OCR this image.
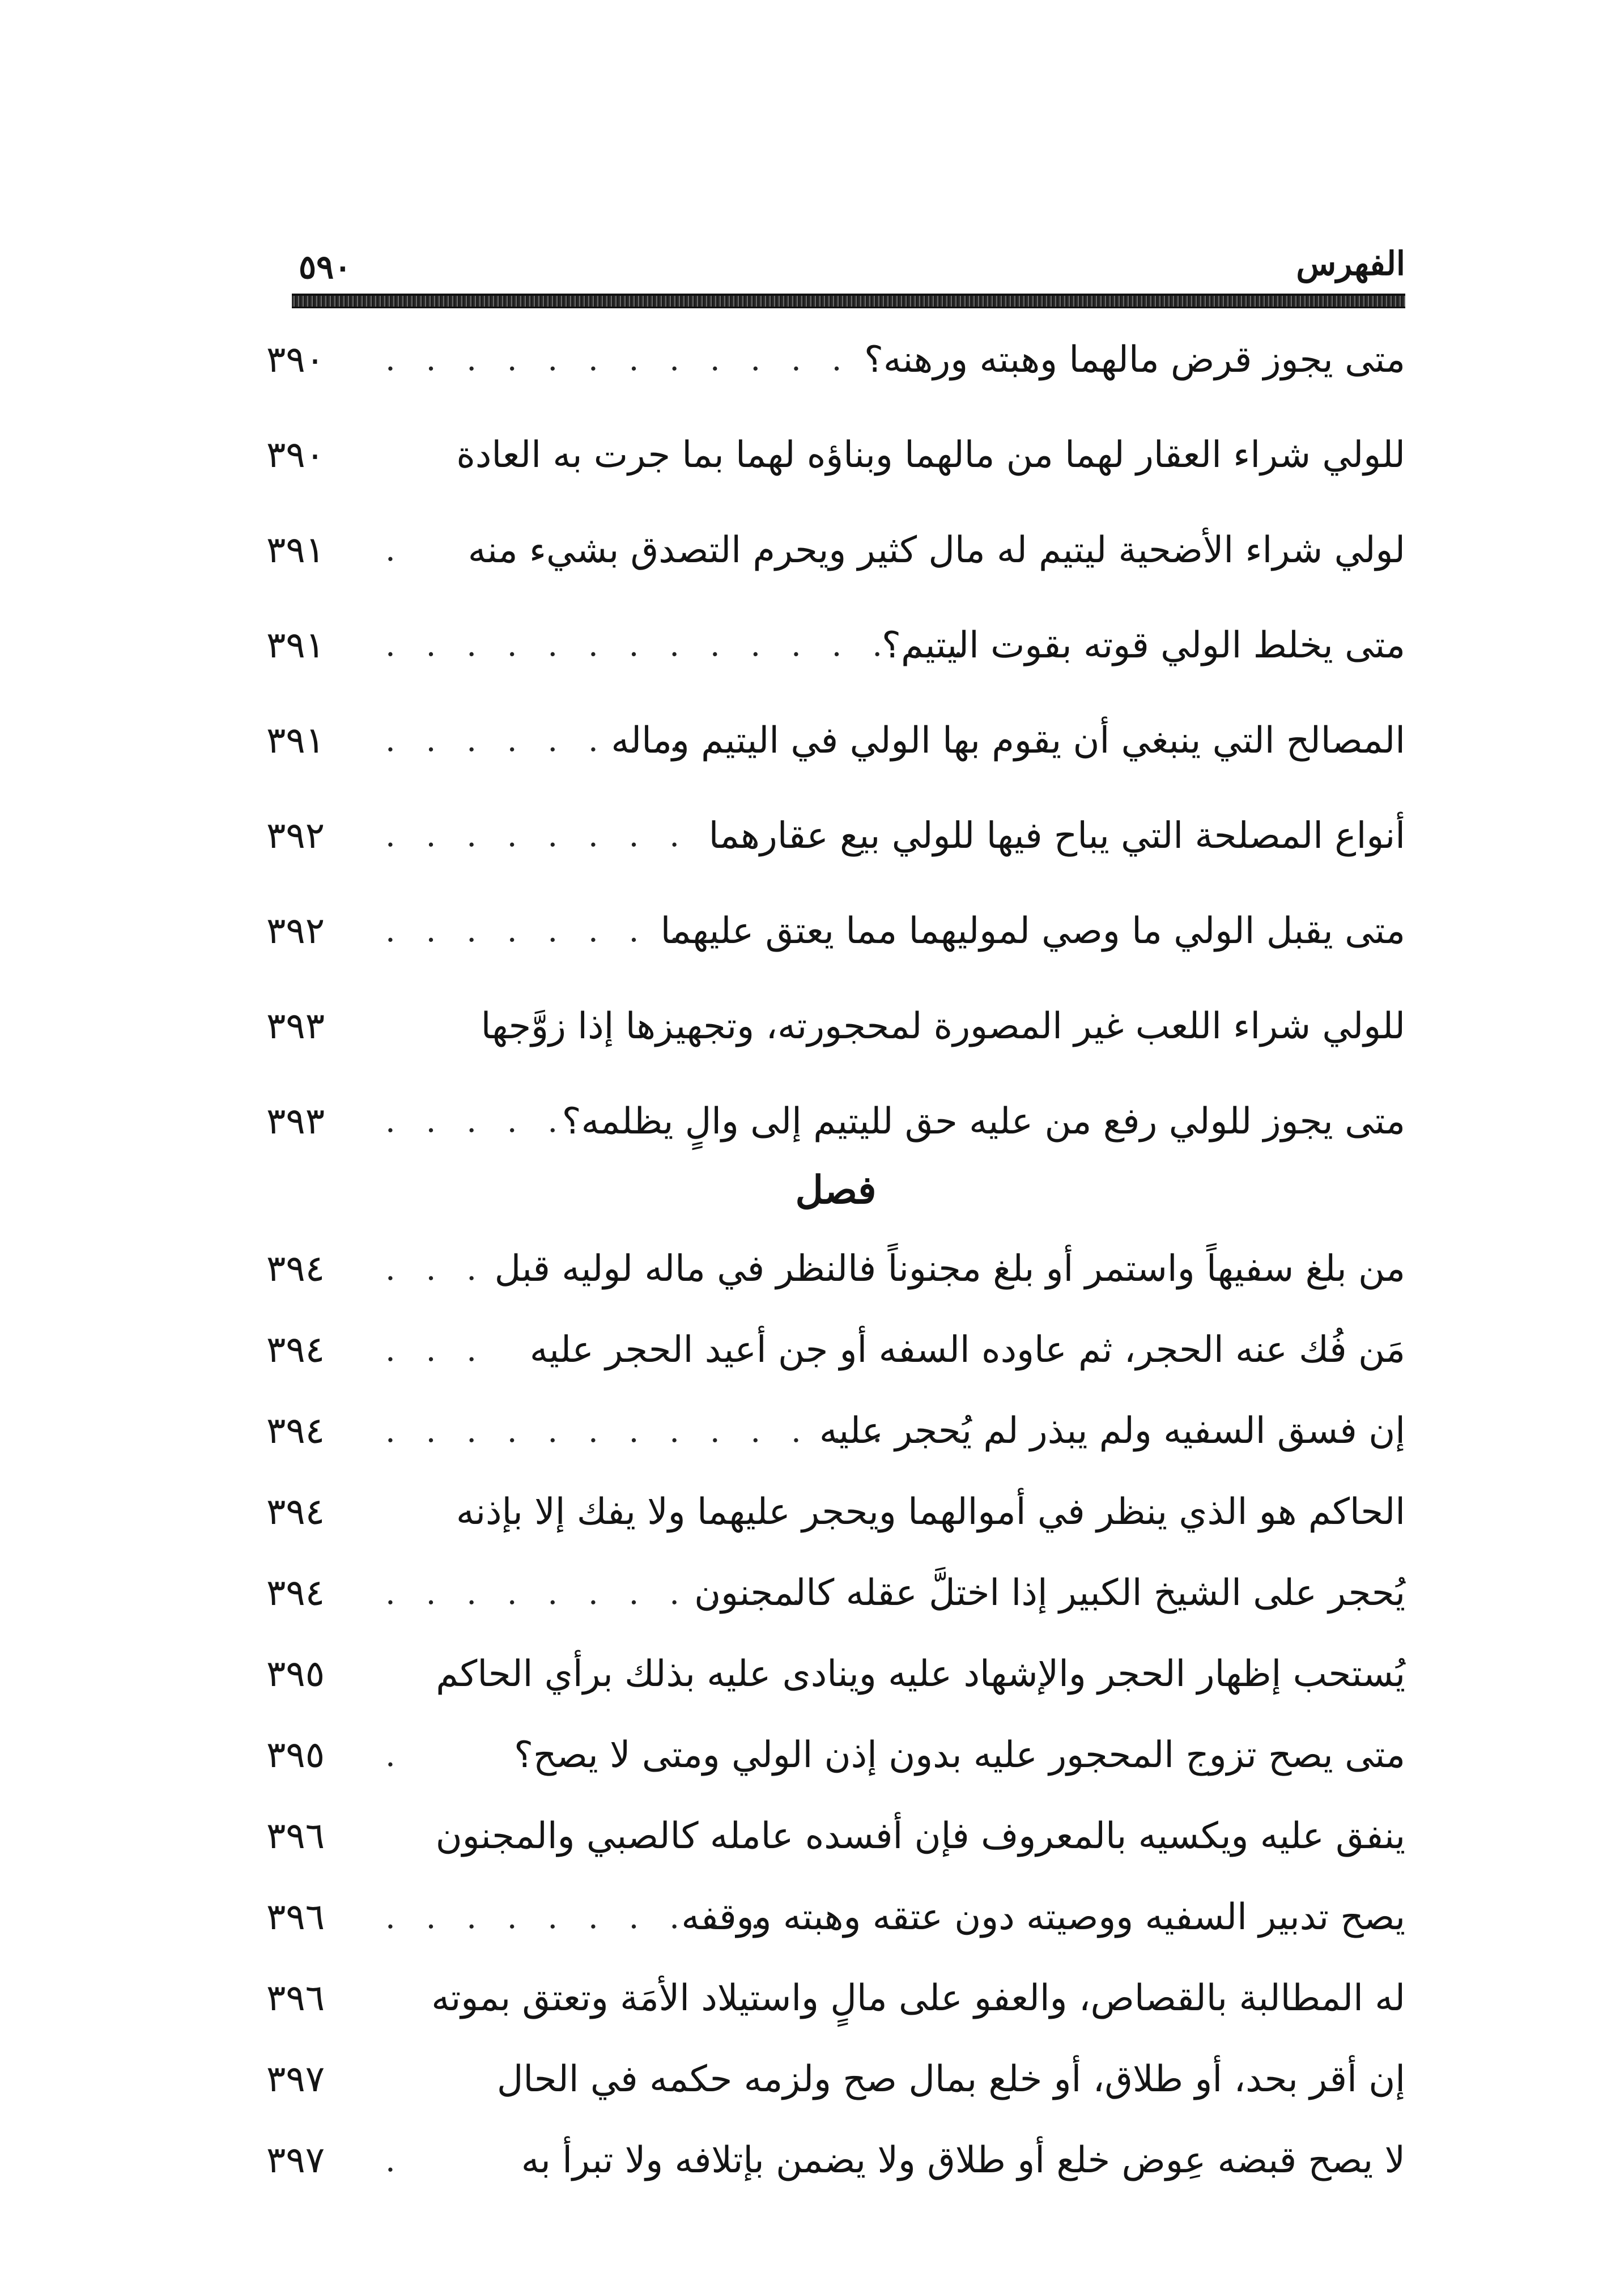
الفهرس
٥٩٠
متى يجوز قرض مالهما وهبته ورهنه؟
. . . . . . . . . . . .
٣٩٠
للولي شراء العقار لهما من مالهما وبناؤه لهما بما جرت به العادة
٣٩٠
لولي شراء الأضحية ليتيم له مال كثير ويحرم التصدق بشيء منه
.
٣٩١
متى يخلط الولي قوته بقوت اليتيم؟
. . . . . . . . . . . . . . .
٣٩١
المصالح التي ينبغي أن يقوم بها الولي في اليتيم وماله
. . . . . . . .
٣٩١
أنواع المصلحة التي يباح فيها للولي بيع عقارهما
. . . . . . . . . .
٣٩٢
متى يقبل الولي ما وصي لموليهما مما يعتق عليهما
. . . . . . . . .
٣٩٢
للولي شراء اللعب غير المصورة لمحجورته، وتجهيزها إذا زوَّجها
٣٩٣
متى يجوز للولي رفع من عليه حق لليتيم إلى والٍ يظلمه؟
. . . . .
٣٩٣
فصل
من بلغ سفيهاً واستمر أو بلغ مجنوناً فالنظر في ماله لوليه قبل
. . .
٣٩٤
مَن فُك عنه الحجر، ثم عاوده السفه أو جن أعيد الحجر عليه
. . .
٣٩٤
إن فسق السفيه ولم يبذر لم يُحجر عليه
. . . . . . . . . . . . . . .
٣٩٤
الحاكم هو الذي ينظر في أموالهما ويحجر عليهما ولا يفك إلا بإذنه
٣٩٤
يُحجر على الشيخ الكبير إذا اختلَّ عقله كالمجنون
. . . . . . . . . . .
٣٩٤
يُستحب إظهار الحجر والإشهاد عليه وينادى عليه بذلك برأي الحاكم
٣٩٥
متى يصح تزوج المحجور عليه بدون إذن الولي ومتى لا يصح؟
.
٣٩٥
ينفق عليه ويكسيه بالمعروف فإن أفسده عامله كالصبي والمجنون
٣٩٦
يصح تدبير السفيه ووصيته دون عتقه وهبته ووقفه
. . . . . . . . . .
٣٩٦
له المطالبة بالقصاص، والعفو على مالٍ واستيلاد الأمَة وتعتق بموته
٣٩٦
إن أقر بحد، أو طلاق، أو خلع بمال صح ولزمه حكمه في الحال
٣٩٧
لا يصح قبضه عِوض خلع أو طلاق ولا يضمن بإتلافه ولا تبرأ به
.
٣٩٧
